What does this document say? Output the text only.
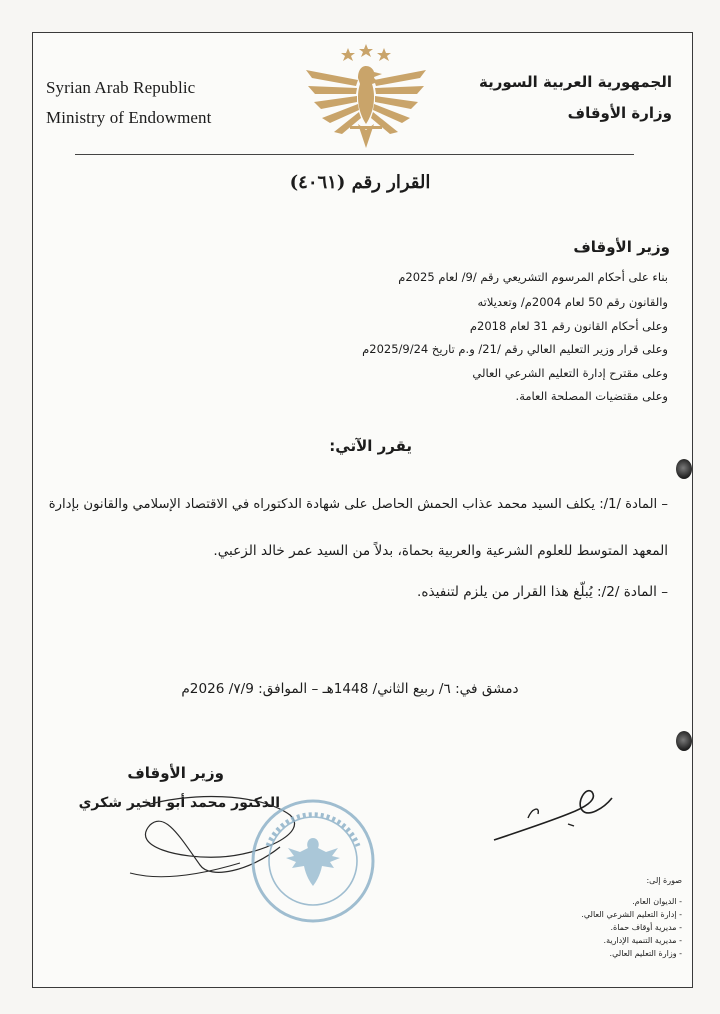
Syrian Arab Republic
Ministry of Endowment
الجمهورية العربية السورية
وزارة الأوقاف
القرار رقم (٤٠٦١)
وزير الأوقاف
بناء على أحكام المرسوم التشريعي رقم /9/ لعام 2025م
والقانون رقم 50 لعام 2004م/ وتعديلاته
وعلى أحكام القانون رقم 31 لعام 2018م
وعلى قرار وزير التعليم العالي رقم /21/ و.م تاريخ 2025/9/24م
وعلى مقترح إدارة التعليم الشرعي العالي
وعلى مقتضيات المصلحة العامة.
يقرر الآتي:
– المادة /1/: يكلف السيد محمد عذاب الحمش الحاصل على شهادة الدكتوراه في الاقتصاد الإسلامي والقانون بإدارة
المعهد المتوسط للعلوم الشرعية والعربية بحماة، بدلاً من السيد عمر خالد الزعبي.
– المادة /2/: يُبلّغ هذا القرار من يلزم لتنفيذه.
دمشق في: ٦/ ربيع الثاني/ 1448هـ – الموافق: ٧/9/ 2026م
وزير الأوقاف
الدكتور محمد أبو الخير شكري
صورة إلى:
- الديوان العام.
- إدارة التعليم الشرعي العالي.
- مديرية أوقاف حماة.
- مديرية التنمية الإدارية.
- وزارة التعليم العالي.
